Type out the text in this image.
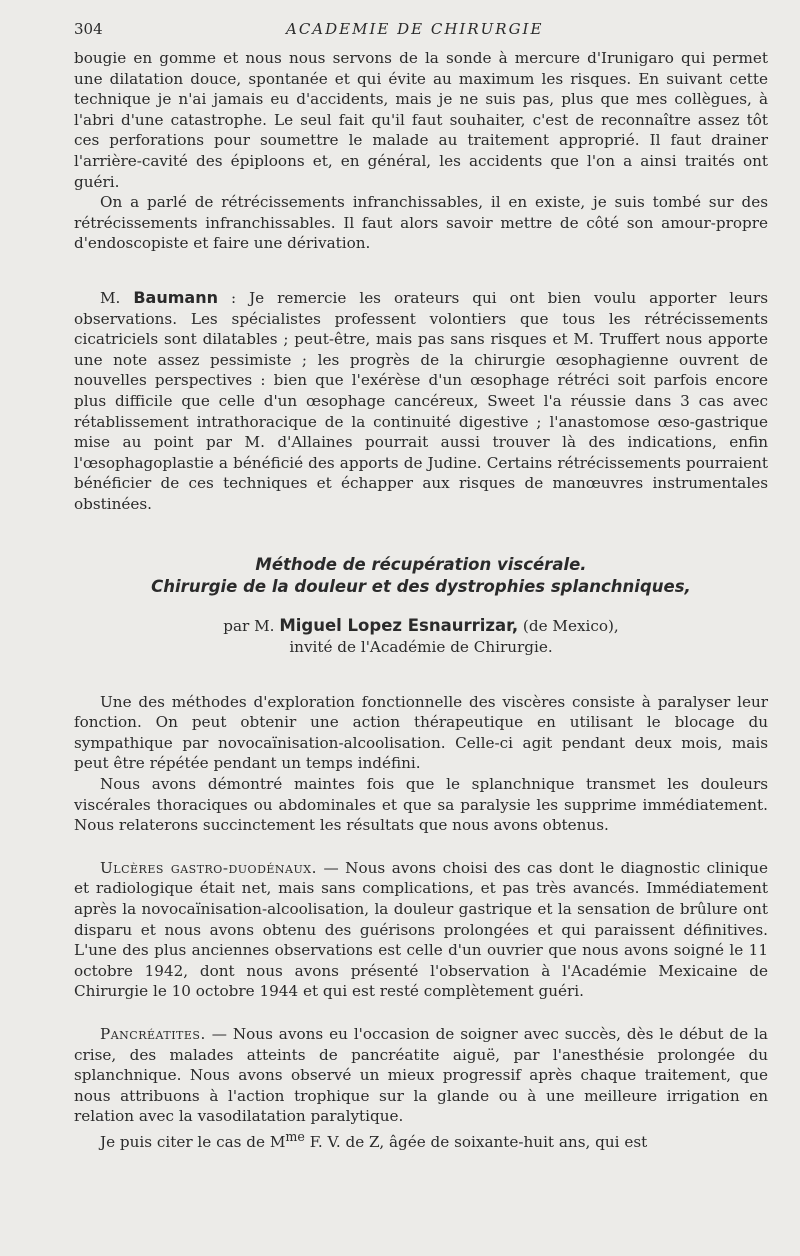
304	ACADEMIE DE CHIRURGIE

bougie en gomme et nous nous servons de la sonde à mercure d'Irunigaro qui permet une dilatation douce, spontanée et qui évite au maximum les risques. En suivant cette technique je n'ai jamais eu d'accidents, mais je ne suis pas, plus que mes collègues, à l'abri d'une catastrophe. Le seul fait qu'il faut souhaiter, c'est de reconnaître assez tôt ces perforations pour soumettre le malade au traitement approprié. Il faut drainer l'arrière-cavité des épiploons et, en général, les accidents que l'on a ainsi traités ont guéri.

On a parlé de rétrécissements infranchissables, il en existe, je suis tombé sur des rétrécissements infranchissables. Il faut alors savoir mettre de côté son amour-propre d'endoscopiste et faire une dérivation.

M. Baumann : Je remercie les orateurs qui ont bien voulu apporter leurs observations. Les spécialistes professent volontiers que tous les rétrécissements cicatriciels sont dilatables ; peut-être, mais pas sans risques et M. Truffert nous apporte une note assez pessimiste ; les progrès de la chirurgie œsophagienne ouvrent de nouvelles perspectives : bien que l'exérèse d'un œsophage rétréci soit parfois encore plus difficile que celle d'un œsophage cancéreux, Sweet l'a réussie dans 3 cas avec rétablissement intrathoracique de la continuité digestive ; l'anastomose œso-gastrique mise au point par M. d'Allaines pourrait aussi trouver là des indications, enfin l'œsophagoplastie a bénéficié des apports de Judine. Certains rétrécissements pourraient bénéficier de ces techniques et échapper aux risques de manœuvres instrumentales obstinées.

Méthode de récupération viscérale.
Chirurgie de la douleur et des dystrophies splanchniques,
par M. Miguel Lopez Esnaurrizar, (de Mexico),
invité de l'Académie de Chirurgie.

Une des méthodes d'exploration fonctionnelle des viscères consiste à paralyser leur fonction. On peut obtenir une action thérapeutique en utilisant le blocage du sympathique par novocaïnisation-alcoolisation. Celle-ci agit pendant deux mois, mais peut être répétée pendant un temps indéfini.

Nous avons démontré maintes fois que le splanchnique transmet les douleurs viscérales thoraciques ou abdominales et que sa paralysie les supprime immédiatement. Nous relaterons succinctement les résultats que nous avons obtenus.

Ulcères gastro-duodénaux. — Nous avons choisi des cas dont le diagnostic clinique et radiologique était net, mais sans complications, et pas très avancés. Immédiatement après la novocaïnisation-alcoolisation, la douleur gastrique et la sensation de brûlure ont disparu et nous avons obtenu des guérisons prolongées et qui paraissent définitives. L'une des plus anciennes observations est celle d'un ouvrier que nous avons soigné le 11 octobre 1942, dont nous avons présenté l'observation à l'Académie Mexicaine de Chirurgie le 10 octobre 1944 et qui est resté complètement guéri.

Pancréatites. — Nous avons eu l'occasion de soigner avec succès, dès le début de la crise, des malades atteints de pancréatite aiguë, par l'anesthésie prolongée du splanchnique. Nous avons observé un mieux progressif après chaque traitement, que nous attribuons à l'action trophique sur la glande ou à une meilleure irrigation en relation avec la vasodilatation paralytique.

Je puis citer le cas de $M^{me}$ F. V. de Z, âgée de soixante-huit ans, qui est
